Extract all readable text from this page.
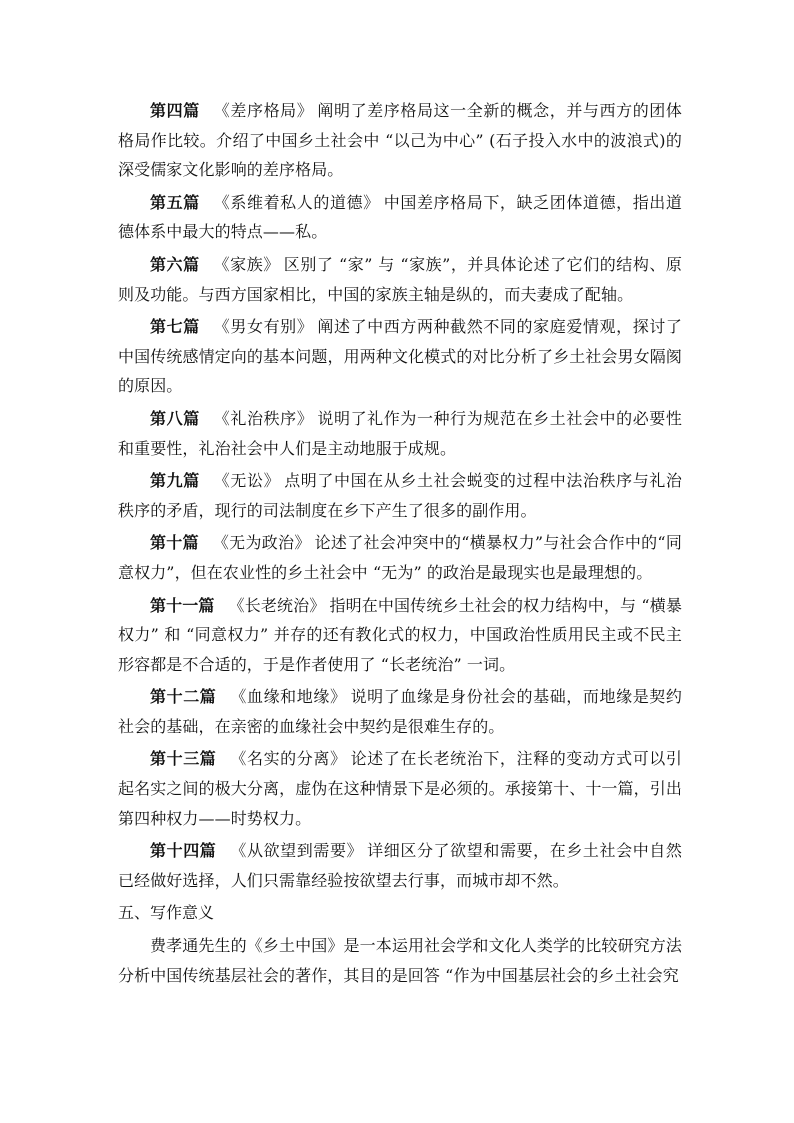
第四篇 《差序格局》 阐明了差序格局这一全新的概念，并与西方的团体格局作比较。介绍了中国乡土社会中 “以己为中心” (石子投入水中的波浪式)的深受儒家文化影响的差序格局。

第五篇 《系维着私人的道德》 中国差序格局下，缺乏团体道德，指出道德体系中最大的特点——私。

第六篇 《家族》 区别了 “家” 与 “家族”，并具体论述了它们的结构、原则及功能。与西方国家相比，中国的家族主轴是纵的，而夫妻成了配轴。

第七篇 《男女有别》 阐述了中西方两种截然不同的家庭爱情观，探讨了中国传统感情定向的基本问题，用两种文化模式的对比分析了乡土社会男女隔阂的原因。

第八篇 《礼治秩序》 说明了礼作为一种行为规范在乡土社会中的必要性和重要性，礼治社会中人们是主动地服于成规。

第九篇 《无讼》 点明了中国在从乡土社会蜕变的过程中法治秩序与礼治秩序的矛盾，现行的司法制度在乡下产生了很多的副作用。

第十篇 《无为政治》 论述了社会冲突中的“横暴权力”与社会合作中的“同意权力”，但在农业性的乡土社会中 “无为” 的政治是最现实也是最理想的。

第十一篇 《长老统治》 指明在中国传统乡土社会的权力结构中，与 “横暴权力” 和 “同意权力” 并存的还有教化式的权力，中国政治性质用民主或不民主形容都是不合适的，于是作者使用了 “长老统治” 一词。

第十二篇 《血缘和地缘》 说明了血缘是身份社会的基础，而地缘是契约社会的基础，在亲密的血缘社会中契约是很难生存的。

第十三篇 《名实的分离》 论述了在长老统治下，注释的变动方式可以引起名实之间的极大分离，虚伪在这种情景下是必须的。承接第十、十一篇，引出第四种权力——时势权力。

第十四篇 《从欲望到需要》 详细区分了欲望和需要，在乡土社会中自然已经做好选择，人们只需靠经验按欲望去行事，而城市却不然。

五、写作意义

费孝通先生的《乡土中国》是一本运用社会学和文化人类学的比较研究方法分析中国传统基层社会的著作，其目的是回答 “作为中国基层社会的乡土社会究
